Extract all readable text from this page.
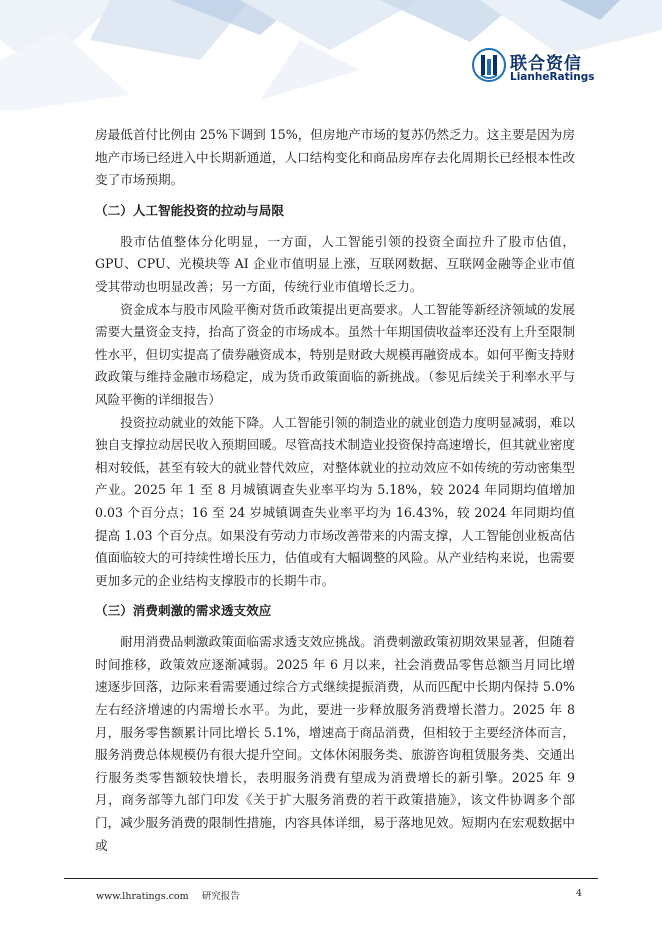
联合资信
LianheRatings

房最低首付比例由 25%下调到 15%，但房地产市场的复苏仍然乏力。这主要是因为房地产市场已经进入中长期新通道，人口结构变化和商品房库存去化周期长已经根本性改变了市场预期。

（二）人工智能投资的拉动与局限

股市估值整体分化明显，一方面，人工智能引领的投资全面拉升了股市估值，GPU、CPU、光模块等 AI 企业市值明显上涨，互联网数据、互联网金融等企业市值受其带动也明显改善；另一方面，传统行业市值增长乏力。

资金成本与股市风险平衡对货币政策提出更高要求。人工智能等新经济领域的发展需要大量资金支持，抬高了资金的市场成本。虽然十年期国债收益率还没有上升至限制性水平，但切实提高了债券融资成本，特别是财政大规模再融资成本。如何平衡支持财政政策与维持金融市场稳定，成为货币政策面临的新挑战。（参见后续关于利率水平与风险平衡的详细报告）

投资拉动就业的效能下降。人工智能引领的制造业的就业创造力度明显减弱，难以独自支撑拉动居民收入预期回暖。尽管高技术制造业投资保持高速增长，但其就业密度相对较低，甚至有较大的就业替代效应，对整体就业的拉动效应不如传统的劳动密集型产业。2025 年 1 至 8 月城镇调查失业率平均为 5.18%，较 2024 年同期均值增加 0.03 个百分点；16 至 24 岁城镇调查失业率平均为 16.43%，较 2024 年同期均值提高 1.03 个百分点。如果没有劳动力市场改善带来的内需支撑，人工智能创业板高估值面临较大的可持续性增长压力，估值或有大幅调整的风险。从产业结构来说，也需要更加多元的企业结构支撑股市的长期牛市。

（三）消费刺激的需求透支效应

耐用消费品刺激政策面临需求透支效应挑战。消费刺激政策初期效果显著，但随着时间推移，政策效应逐渐减弱。2025 年 6 月以来，社会消费品零售总额当月同比增速逐步回落，边际来看需要通过综合方式继续提振消费，从而匹配中长期内保持 5.0%左右经济增速的内需增长水平。为此，要进一步释放服务消费增长潜力。2025 年 8 月，服务零售额累计同比增长 5.1%，增速高于商品消费，但相较于主要经济体而言，服务消费总体规模仍有很大提升空间。文体休闲服务类、旅游咨询租赁服务类、交通出行服务类零售额较快增长，表明服务消费有望成为消费增长的新引擎。2025 年 9 月，商务部等九部门印发《关于扩大服务消费的若干政策措施》，该文件协调多个部门，减少服务消费的限制性措施，内容具体详细，易于落地见效。短期内在宏观数据中或

www.lhratings.com 研究报告	4
